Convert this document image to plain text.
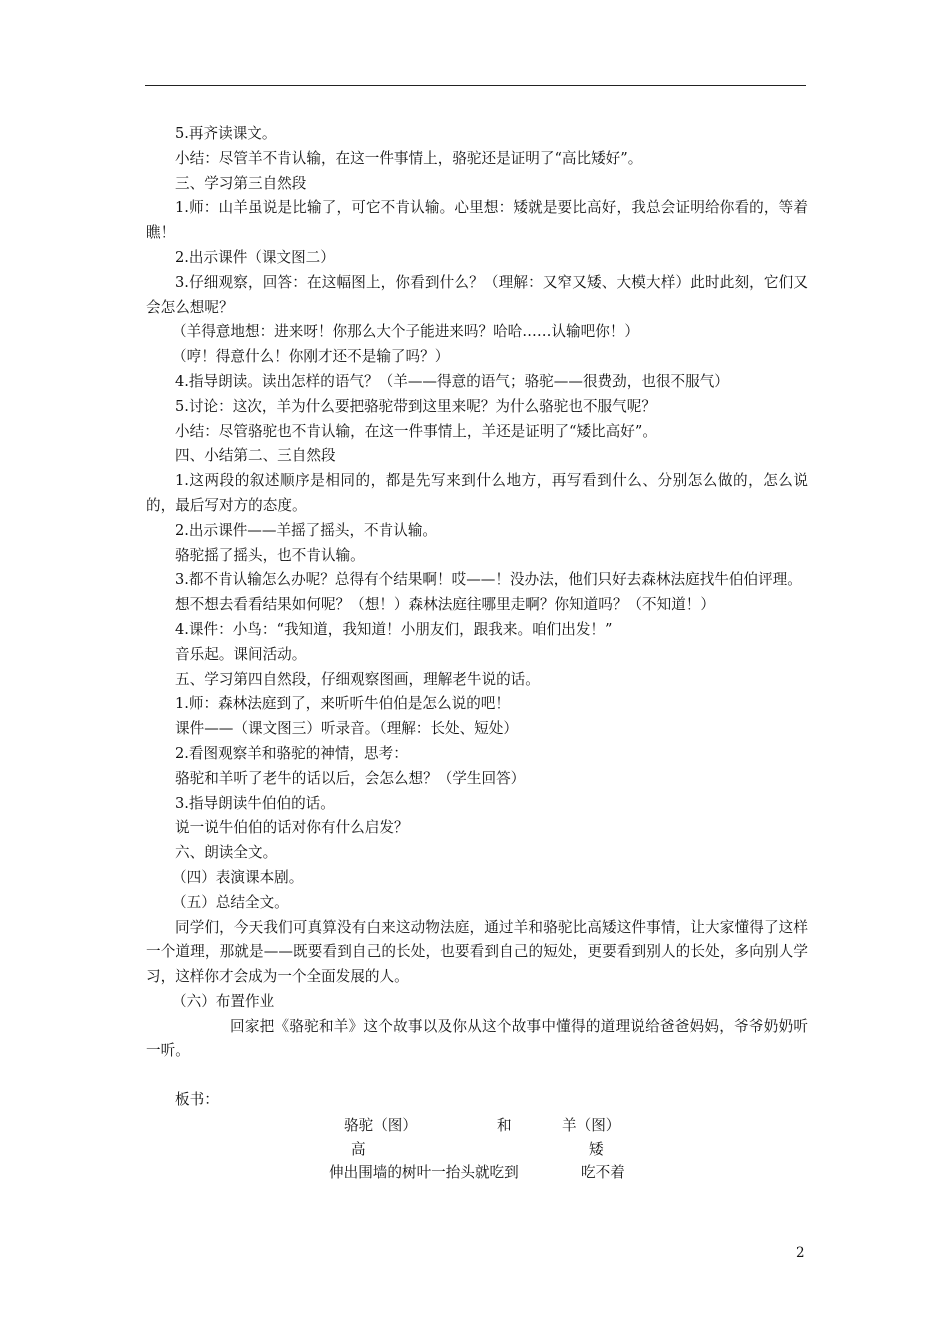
5.再齐读课文。

小结：尽管羊不肯认输，在这一件事情上，骆驼还是证明了“高比矮好”。

三、学习第三自然段

1.师：山羊虽说是比输了，可它不肯认输。心里想：矮就是要比高好，我总会证明给你看的，等着瞧！

2.出示课件（课文图二）

3.仔细观察，回答：在这幅图上，你看到什么？（理解：又窄又矮、大模大样）此时此刻，它们又会怎么想呢？

（羊得意地想：进来呀！你那么大个子能进来吗？哈哈……认输吧你！）

（哼！得意什么！你刚才还不是输了吗？）

4.指导朗读。读出怎样的语气？（羊——得意的语气；骆驼——很费劲，也很不服气）

5.讨论：这次，羊为什么要把骆驼带到这里来呢？为什么骆驼也不服气呢？

小结：尽管骆驼也不肯认输，在这一件事情上，羊还是证明了“矮比高好”。

四、小结第二、三自然段

1.这两段的叙述顺序是相同的，都是先写来到什么地方，再写看到什么、分别怎么做的，怎么说的，最后写对方的态度。

2.出示课件——羊摇了摇头，不肯认输。

骆驼摇了摇头，也不肯认输。

3.都不肯认输怎么办呢？总得有个结果啊！哎——！没办法，他们只好去森林法庭找牛伯伯评理。

想不想去看看结果如何呢？（想！）森林法庭往哪里走啊？你知道吗？（不知道！）

4.课件：小鸟：“我知道，我知道！小朋友们，跟我来。咱们出发！”

音乐起。课间活动。

五、学习第四自然段，仔细观察图画，理解老牛说的话。

1.师：森林法庭到了，来听听牛伯伯是怎么说的吧！

课件——（课文图三）听录音。（理解：长处、短处）

2.看图观察羊和骆驼的神情，思考：

骆驼和羊听了老牛的话以后，会怎么想？（学生回答）

3.指导朗读牛伯伯的话。

说一说牛伯伯的话对你有什么启发？

六、朗读全文。

（四）表演课本剧。

（五）总结全文。

同学们，今天我们可真算没有白来这动物法庭，通过羊和骆驼比高矮这件事情，让大家懂得了这样一个道理，那就是——既要看到自己的长处，也要看到自己的短处，更要看到别人的长处，多向别人学习，这样你才会成为一个全面发展的人。

（六）布置作业

回家把《骆驼和羊》这个故事以及你从这个故事中懂得的道理说给爸爸妈妈，爷爷奶奶听一听。

板书：

骆驼（图）	和	羊（图）
高	矮
伸出围墙的树叶一抬头就吃到	吃不着
2
